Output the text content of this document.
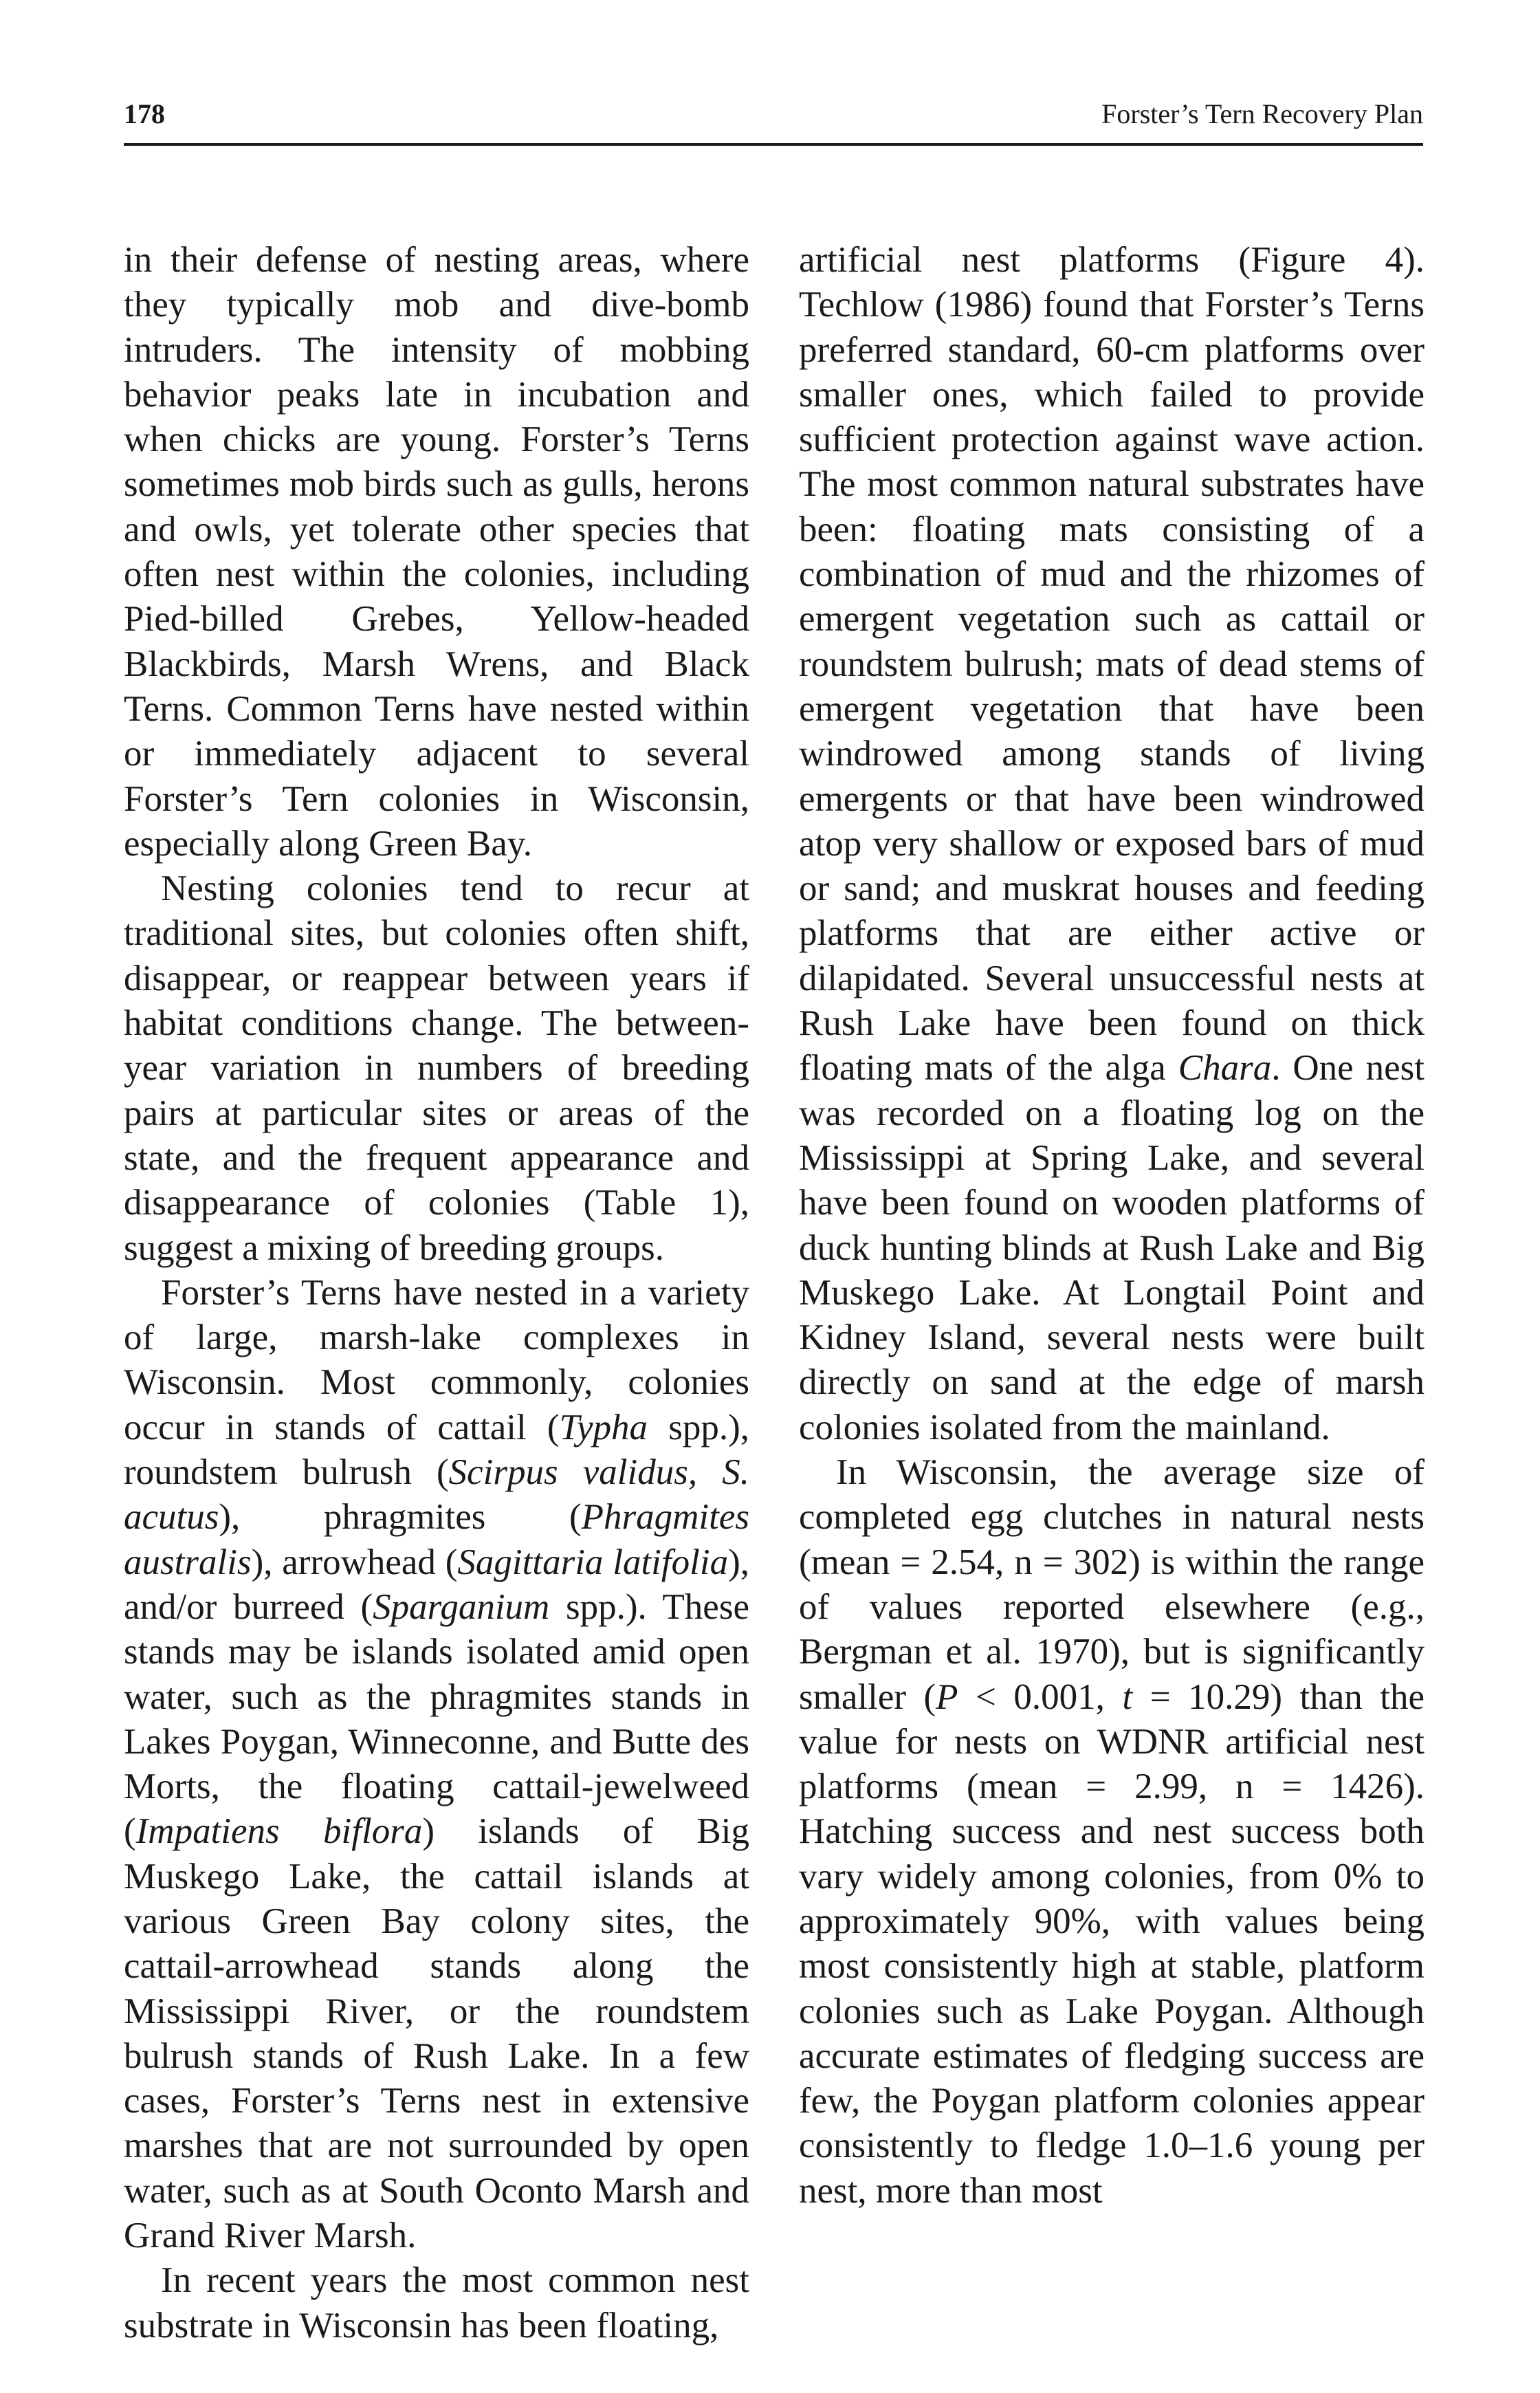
178	Forster’s Tern Recovery Plan

in their defense of nesting areas, where they typically mob and dive-bomb intruders. The intensity of mobbing behavior peaks late in incubation and when chicks are young. Forster’s Terns sometimes mob birds such as gulls, herons and owls, yet tolerate other species that often nest within the colonies, including Pied-billed Grebes, Yellow-headed Blackbirds, Marsh Wrens, and Black Terns. Common Terns have nested within or immediately adjacent to several Forster’s Tern colonies in Wisconsin, especially along Green Bay.

Nesting colonies tend to recur at traditional sites, but colonies often shift, disappear, or reappear between years if habitat conditions change. The between-year variation in numbers of breeding pairs at particular sites or areas of the state, and the frequent appearance and disappearance of colonies (Table 1), suggest a mixing of breeding groups.

Forster’s Terns have nested in a variety of large, marsh-lake complexes in Wisconsin. Most commonly, colonies occur in stands of cattail (Typha spp.), roundstem bulrush (Scirpus validus, S. acutus), phragmites (Phragmites australis), arrowhead (Sagittaria latifolia), and/or burreed (Sparganium spp.). These stands may be islands isolated amid open water, such as the phragmites stands in Lakes Poygan, Winneconne, and Butte des Morts, the floating cattail-jewelweed (Impatiens biflora) islands of Big Muskego Lake, the cattail islands at various Green Bay colony sites, the cattail-arrowhead stands along the Mississippi River, or the roundstem bulrush stands of Rush Lake. In a few cases, Forster’s Terns nest in extensive marshes that are not surrounded by open water, such as at South Oconto Marsh and Grand River Marsh.

In recent years the most common nest substrate in Wisconsin has been floating,

artificial nest platforms (Figure 4). Techlow (1986) found that Forster’s Terns preferred standard, 60-cm platforms over smaller ones, which failed to provide sufficient protection against wave action. The most common natural substrates have been: floating mats consisting of a combination of mud and the rhizomes of emergent vegetation such as cattail or roundstem bulrush; mats of dead stems of emergent vegetation that have been windrowed among stands of living emergents or that have been windrowed atop very shallow or exposed bars of mud or sand; and muskrat houses and feeding platforms that are either active or dilapidated. Several unsuccessful nests at Rush Lake have been found on thick floating mats of the alga Chara. One nest was recorded on a floating log on the Mississippi at Spring Lake, and several have been found on wooden platforms of duck hunting blinds at Rush Lake and Big Muskego Lake. At Longtail Point and Kidney Island, several nests were built directly on sand at the edge of marsh colonies isolated from the mainland.

In Wisconsin, the average size of completed egg clutches in natural nests (mean = 2.54, n = 302) is within the range of values reported elsewhere (e.g., Bergman et al. 1970), but is significantly smaller (P < 0.001, t = 10.29) than the value for nests on WDNR artificial nest platforms (mean = 2.99, n = 1426). Hatching success and nest success both vary widely among colonies, from 0% to approximately 90%, with values being most consistently high at stable, platform colonies such as Lake Poygan. Although accurate estimates of fledging success are few, the Poygan platform colonies appear consistently to fledge 1.0–1.6 young per nest, more than most
